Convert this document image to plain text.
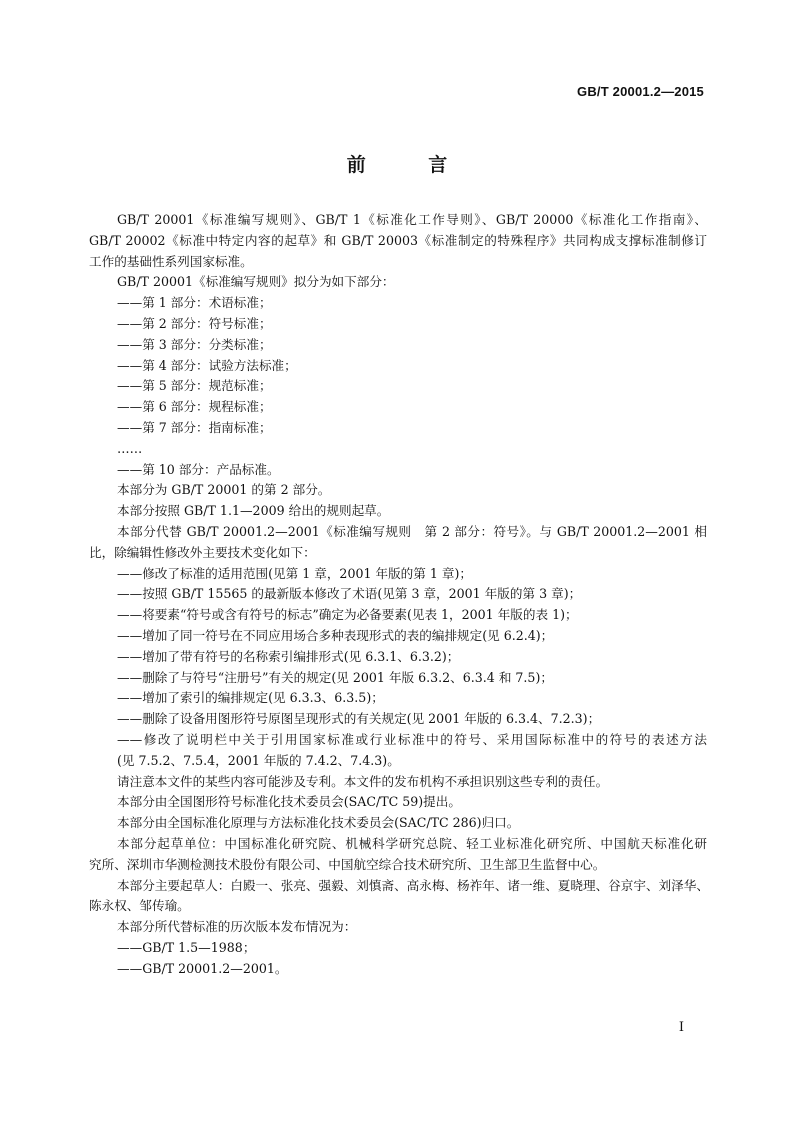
GB/T 20001.2—2015
前 言
GB/T 20001《标准编写规则》、GB/T 1《标准化工作导则》、GB/T 20000《标准化工作指南》、
GB/T 20002《标准中特定内容的起草》和 GB/T 20003《标准制定的特殊程序》共同构成支撑标准制修订
工作的基础性系列国家标准。
GB/T 20001《标准编写规则》拟分为如下部分：
——第 1 部分：术语标准；
——第 2 部分：符号标准；
——第 3 部分：分类标准；
——第 4 部分：试验方法标准；
——第 5 部分：规范标准；
——第 6 部分：规程标准；
——第 7 部分：指南标准；
……
——第 10 部分：产品标准。
本部分为 GB/T 20001 的第 2 部分。
本部分按照 GB/T 1.1—2009 给出的规则起草。
本部分代替 GB/T 20001.2—2001《标准编写规则　第 2 部分：符号》。与 GB/T 20001.2—2001 相
比，除编辑性修改外主要技术变化如下：
——修改了标准的适用范围(见第 1 章，2001 年版的第 1 章)；
——按照 GB/T 15565 的最新版本修改了术语(见第 3 章，2001 年版的第 3 章)；
——将要素“符号或含有符号的标志”确定为必备要素(见表 1，2001 年版的表 1)；
——增加了同一符号在不同应用场合多种表现形式的表的编排规定(见 6.2.4)；
——增加了带有符号的名称索引编排形式(见 6.3.1、6.3.2)；
——删除了与符号“注册号”有关的规定(见 2001 年版 6.3.2、6.3.4 和 7.5)；
——增加了索引的编排规定(见 6.3.3、6.3.5)；
——删除了设备用图形符号原图呈现形式的有关规定(见 2001 年版的 6.3.4、7.2.3)；
——修改了说明栏中关于引用国家标准或行业标准中的符号、采用国际标准中的符号的表述方法
(见 7.5.2、7.5.4，2001 年版的 7.4.2、7.4.3)。
请注意本文件的某些内容可能涉及专利。本文件的发布机构不承担识别这些专利的责任。
本部分由全国图形符号标准化技术委员会(SAC/TC 59)提出。
本部分由全国标准化原理与方法标准化技术委员会(SAC/TC 286)归口。
本部分起草单位：中国标准化研究院、机械科学研究总院、轻工业标准化研究所、中国航天标准化研
究所、深圳市华测检测技术股份有限公司、中国航空综合技术研究所、卫生部卫生监督中心。
本部分主要起草人：白殿一、张亮、强毅、刘慎斋、高永梅、杨祚年、诸一维、夏晓理、谷京宇、刘泽华、
陈永权、邹传瑜。
本部分所代替标准的历次版本发布情况为：
——GB/T 1.5—1988；
——GB/T 20001.2—2001。
I
